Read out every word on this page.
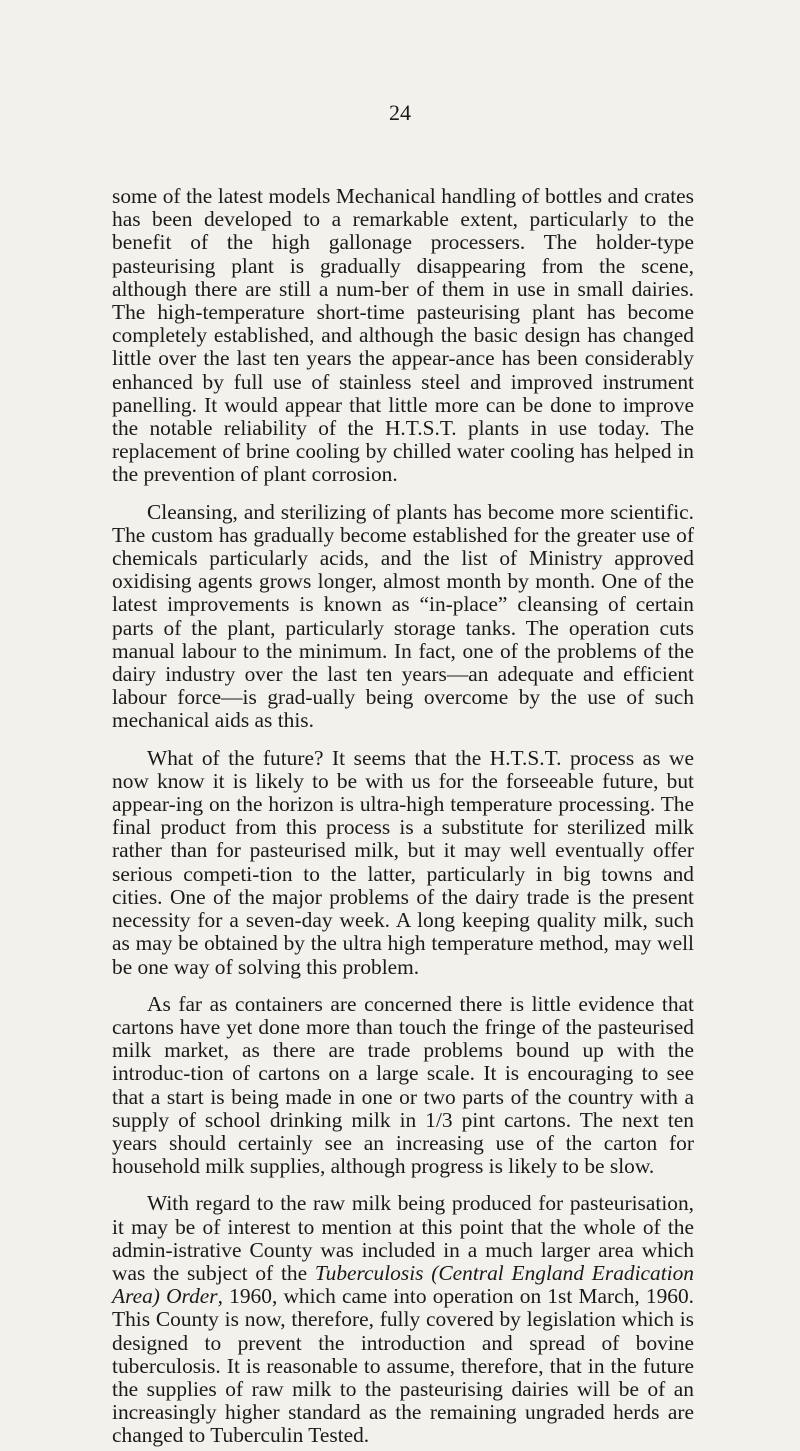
24

some of the latest models Mechanical handling of bottles and crates has been developed to a remarkable extent, particularly to the benefit of the high gallonage processers. The holder-type pasteurising plant is gradually disappearing from the scene, although there are still a num-ber of them in use in small dairies. The high-temperature short-time pasteurising plant has become completely established, and although the basic design has changed little over the last ten years the appear-ance has been considerably enhanced by full use of stainless steel and improved instrument panelling. It would appear that little more can be done to improve the notable reliability of the H.T.S.T. plants in use today. The replacement of brine cooling by chilled water cooling has helped in the prevention of plant corrosion.

Cleansing, and sterilizing of plants has become more scientific. The custom has gradually become established for the greater use of chemicals particularly acids, and the list of Ministry approved oxidising agents grows longer, almost month by month. One of the latest improvements is known as “in-place” cleansing of certain parts of the plant, particularly storage tanks. The operation cuts manual labour to the minimum. In fact, one of the problems of the dairy industry over the last ten years—an adequate and efficient labour force—is grad-ually being overcome by the use of such mechanical aids as this.

What of the future? It seems that the H.T.S.T. process as we now know it is likely to be with us for the forseeable future, but appear-ing on the horizon is ultra-high temperature processing. The final product from this process is a substitute for sterilized milk rather than for pasteurised milk, but it may well eventually offer serious competi-tion to the latter, particularly in big towns and cities. One of the major problems of the dairy trade is the present necessity for a seven-day week. A long keeping quality milk, such as may be obtained by the ultra high temperature method, may well be one way of solving this problem.

As far as containers are concerned there is little evidence that cartons have yet done more than touch the fringe of the pasteurised milk market, as there are trade problems bound up with the introduc-tion of cartons on a large scale. It is encouraging to see that a start is being made in one or two parts of the country with a supply of school drinking milk in 1/3 pint cartons. The next ten years should certainly see an increasing use of the carton for household milk supplies, although progress is likely to be slow.

With regard to the raw milk being produced for pasteurisation, it may be of interest to mention at this point that the whole of the admin-istrative County was included in a much larger area which was the subject of the Tuberculosis (Central England Eradication Area) Order, 1960, which came into operation on 1st March, 1960. This County is now, therefore, fully covered by legislation which is designed to prevent the introduction and spread of bovine tuberculosis. It is reasonable to assume, therefore, that in the future the supplies of raw milk to the pasteurising dairies will be of an increasingly higher standard as the remaining ungraded herds are changed to Tuberculin Tested.
